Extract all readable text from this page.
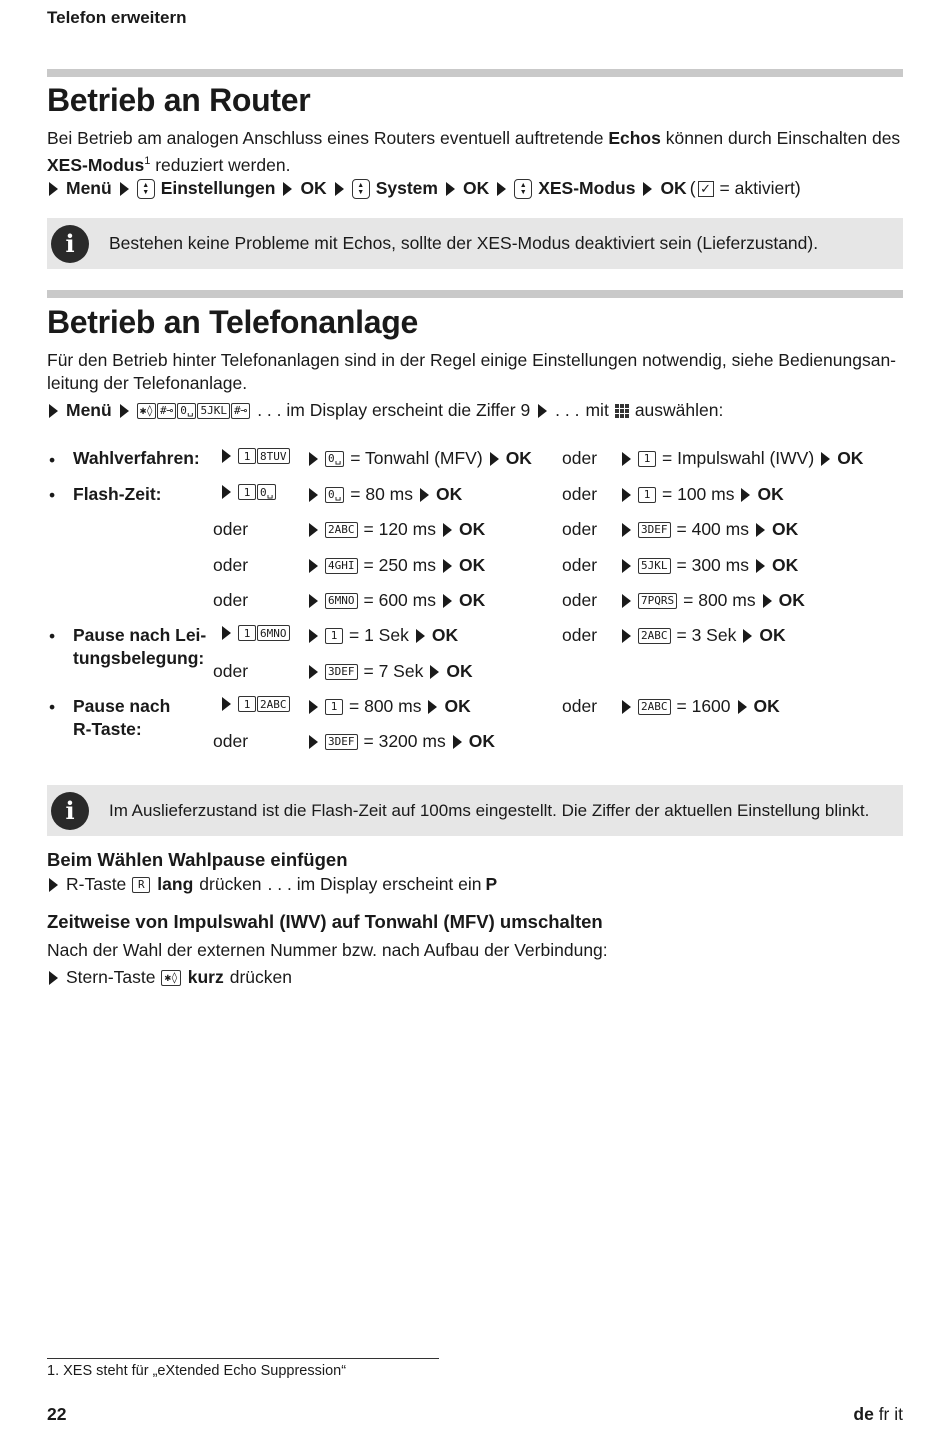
Telefon erweitern
Betrieb an Router
Bei Betrieb am analogen Anschluss eines Routers eventuell auftretende Echos können durch Einschalten des
XES-Modus$^1$ reduziert werden.
Menü	▲
▼ Einstellungen OK	▲
▼ System OK	▲
▼ XES-Modus OK ( ✓ = aktiviert)
i	Bestehen keine Probleme mit Echos, sollte der XES-Modus deaktiviert sein (Lieferzustand).
Betrieb an Telefonanlage
Für den Betrieb hinter Telefonanlagen sind in der Regel einige Einstellungen notwendig, siehe Bedienungsan-leitung der Telefonanlage.
Menü	✱◊ #⊸ 0␣ 5JKL #⊸ . . . im Display erscheint die Ziffer 9 . . . mit auswählen:
• Wahlverfahren:	1 8TUV	0␣ = Tonwahl (MFV) OK oder	1 = Impulswahl (IWV) OK
• Flash-Zeit:	1 0␣	0␣ = 80 ms OK	oder	1 = 100 ms OK
oder	2ABC = 120 ms OK	oder	3DEF = 400 ms OK
oder	4GHI = 250 ms OK	oder	5JKL = 300 ms OK
oder	6MNO = 600 ms OK	oder	7PQRS = 800 ms OK
• Pause nach Lei-
tungsbelegung:
1 6MNO	1 = 1 Sek OK	oder	2ABC = 3 Sek OK
oder	3DEF = 7 Sek OK
• Pause nach
R-Taste:
1 2ABC	1 = 800 ms OK	oder	2ABC = 1600 OK
oder	3DEF = 3200 ms OK
i	Im Auslieferzustand ist die Flash-Zeit auf 100ms eingestellt. Die Ziffer der aktuellen Einstellung blinkt.
Beim Wählen Wahlpause einfügen
R-Taste	R lang drücken . . . im Display erscheint ein P
Zeitweise von Impulswahl (IWV) auf Tonwahl (MFV) umschalten
Nach der Wahl der externen Nummer bzw. nach Aufbau der Verbindung:
Stern-Taste ✱◊ kurz drücken
1. XES steht für „eXtended Echo Suppression“
22	de fr it
